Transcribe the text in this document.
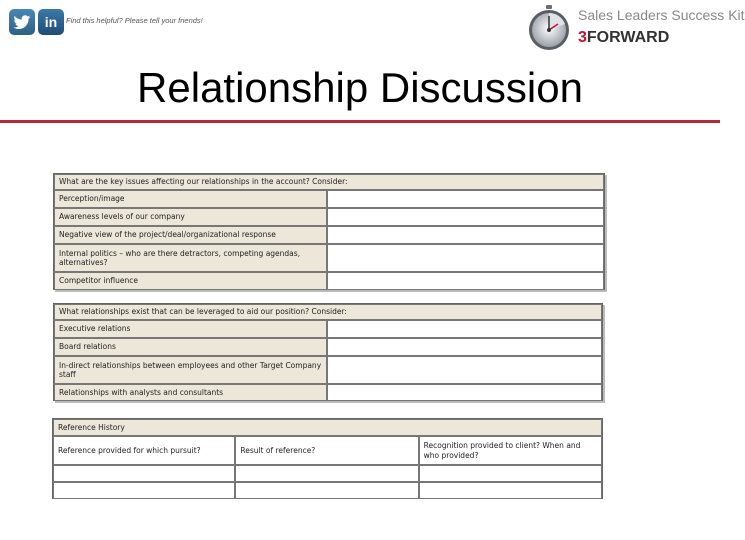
in Find this helpful? Please tell your friends!	Sales Leaders Success Kit
3FORWARD
Relationship Discussion
What are the key issues affecting our relationships in the account? Consider:
Perception/image
Awareness levels of our company
Negative view of the project/deal/organizational response
Internal politics – who are there detractors, competing agendas, alternatives?
Competitor influence
What relationships exist that can be leveraged to aid our position? Consider:
Executive relations
Board relations
In-direct relationships between employees and other Target Company staff
Relationships with analysts and consultants
Reference History
Reference provided for which pursuit?	Result of reference?
Recognition provided to client? When and who provided?
